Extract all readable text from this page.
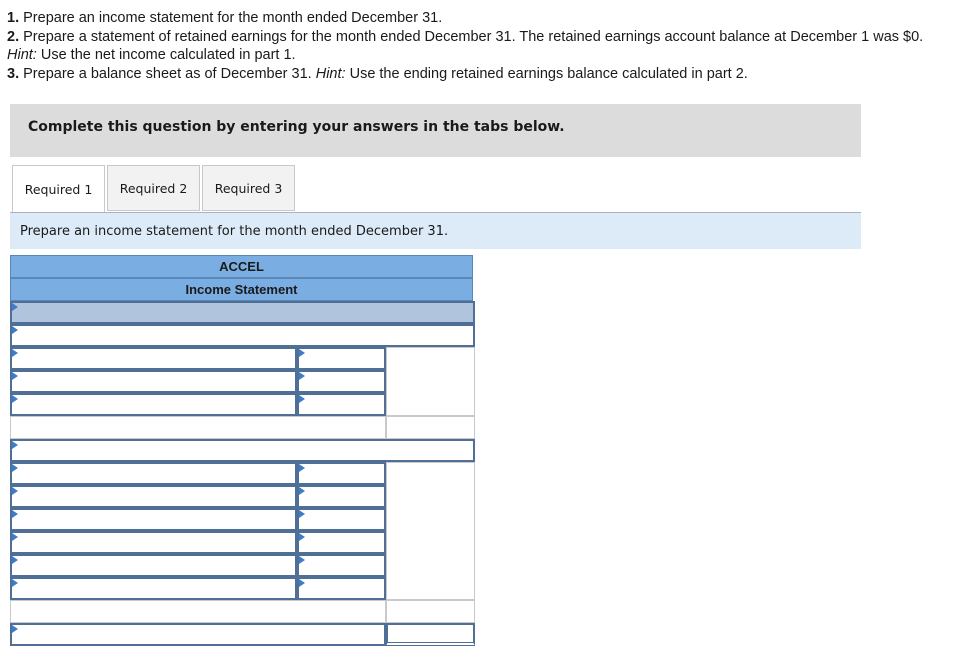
1. Prepare an income statement for the month ended December 31.

2. Prepare a statement of retained earnings for the month ended December 31. The retained earnings account balance at December 1 was $0. Hint: Use the net income calculated in part 1.

3. Prepare a balance sheet as of December 31. Hint: Use the ending retained earnings balance calculated in part 2.

Complete this question by entering your answers in the tabs below.
Required 1 Required 2 Required 3
Prepare an income statement for the month ended December 31.
ACCEL
Income Statement
